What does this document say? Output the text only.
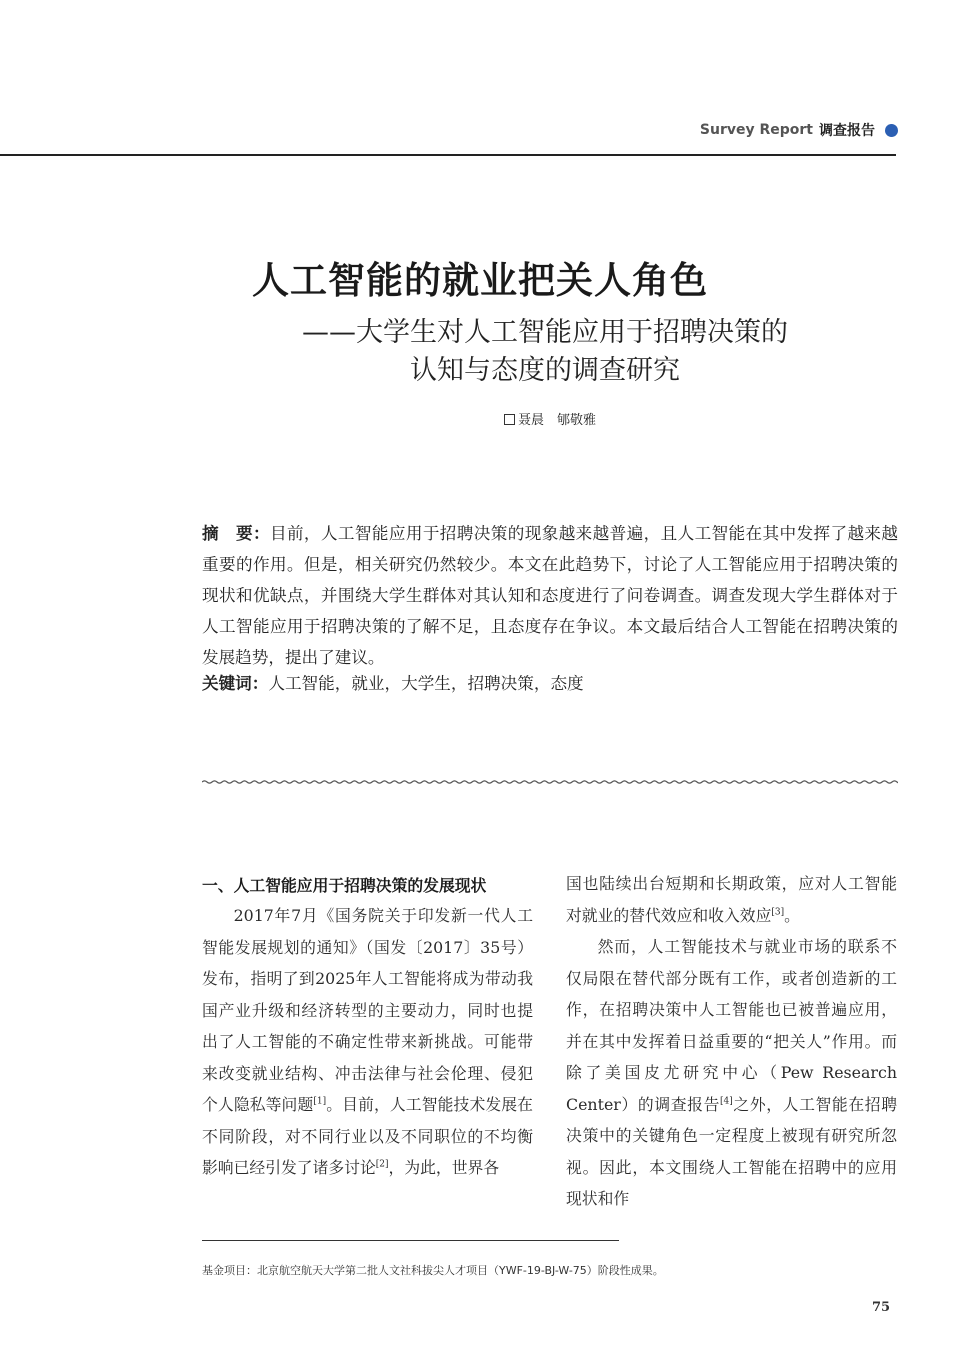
Survey Report 调查报告
人工智能的就业把关人角色
——大学生对人工智能应用于招聘决策的
认知与态度的调查研究
聂晨　郇敬雅
摘　要：目前，人工智能应用于招聘决策的现象越来越普遍，且人工智能在其中发挥了越来越重要的作用。但是，相关研究仍然较少。本文在此趋势下，讨论了人工智能应用于招聘决策的现状和优缺点，并围绕大学生群体对其认知和态度进行了问卷调查。调查发现大学生群体对于人工智能应用于招聘决策的了解不足，且态度存在争议。本文最后结合人工智能在招聘决策的发展趋势，提出了建议。
关键词：人工智能，就业，大学生，招聘决策，态度

一、人工智能应用于招聘决策的发展现状

2017年7月《国务院关于印发新一代人工智能发展规划的通知》（国发〔2017〕35号）发布，指明了到2025年人工智能将成为带动我国产业升级和经济转型的主要动力，同时也提出了人工智能的不确定性带来新挑战。可能带来改变就业结构、冲击法律与社会伦理、侵犯个人隐私等问题[1]。目前，人工智能技术发展在不同阶段，对不同行业以及不同职位的不均衡影响已经引发了诸多讨论[2]，为此，世界各

国也陆续出台短期和长期政策，应对人工智能对就业的替代效应和收入效应[3]。

然而，人工智能技术与就业市场的联系不仅局限在替代部分既有工作，或者创造新的工作，在招聘决策中人工智能也已被普遍应用，并在其中发挥着日益重要的“把关人”作用。而除了美国皮尤研究中心（Pew Research Center）的调查报告[4]之外，人工智能在招聘决策中的关键角色一定程度上被现有研究所忽视。因此，本文围绕人工智能在招聘中的应用现状和作

基金项目：北京航空航天大学第二批人文社科拔尖人才项目（YWF-19-BJ-W-75）阶段性成果。
75
